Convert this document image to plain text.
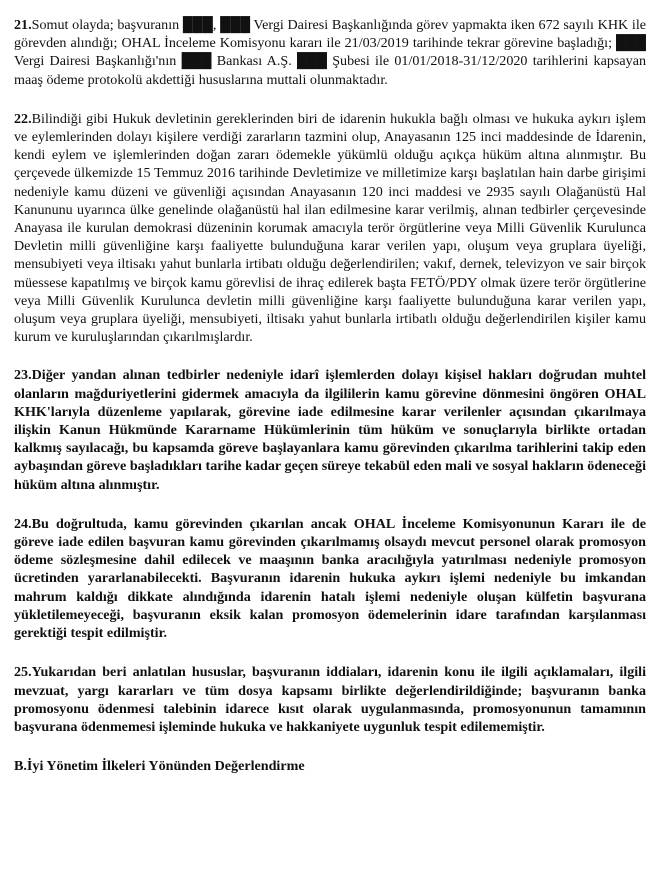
21.Somut olayda; başvuranın ███, ███ Vergi Dairesi Başkanlığında görev yapmakta iken 672 sayılı KHK ile görevden alındığı; OHAL İnceleme Komisyonu kararı ile 21/03/2019 tarihinde tekrar görevine başladığı; ███ Vergi Dairesi Başkanlığı'nın ███ Bankası A.Ş. ███ Şubesi ile 01/01/2018-31/12/2020 tarihlerini kapsayan maaş ödeme protokolü akdettiği hususlarına muttali olunmaktadır.

22.Bilindiği gibi Hukuk devletinin gereklerinden biri de idarenin hukukla bağlı olması ve hukuka aykırı işlem ve eylemlerinden dolayı kişilere verdiği zararların tazmini olup, Anayasanın 125 inci maddesinde de İdarenin, kendi eylem ve işlemlerinden doğan zararı ödemekle yükümlü olduğu açıkça hüküm altına alınmıştır. Bu çerçevede ülkemizde 15 Temmuz 2016 tarihinde Devletimize ve milletimize karşı başlatılan hain darbe girişimi nedeniyle kamu düzeni ve güvenliği açısından Anayasanın 120 inci maddesi ve 2935 sayılı Olağanüstü Hal Kanununu uyarınca ülke genelinde olağanüstü hal ilan edilmesine karar verilmiş, alınan tedbirler çerçevesinde Anayasa ile kurulan demokrasi düzeninin korumak amacıyla terör örgütlerine veya Milli Güvenlik Kurulunca Devletin milli güvenliğine karşı faaliyette bulunduğuna karar verilen yapı, oluşum veya gruplara üyeliği, mensubiyeti veya iltisakı yahut bunlarla irtibatı olduğu değerlendirilen; vakıf, dernek, televizyon ve sair birçok müessese kapatılmış ve birçok kamu görevlisi de ihraç edilerek başta FETÖ/PDY olmak üzere terör örgütlerine veya Milli Güvenlik Kurulunca devletin milli güvenliğine karşı faaliyette bulunduğuna karar verilen yapı, oluşum veya gruplara üyeliği, mensubiyeti, iltisakı yahut bunlarla irtibatlı olduğu değerlendirilen kişiler kamu kurum ve kuruluşlarından çıkarılmışlardır.

23.Diğer yandan alınan tedbirler nedeniyle idarî işlemlerden dolayı kişisel hakları doğrudan muhtel olanların mağduriyetlerini gidermek amacıyla da ilgililerin kamu görevine dönmesini öngören OHAL KHK'larıyla düzenleme yapılarak, görevine iade edilmesine karar verilenler açısından çıkarılmaya ilişkin Kanun Hükmünde Kararname Hükümlerinin tüm hüküm ve sonuçlarıyla birlikte ortadan kalkmış sayılacağı, bu kapsamda göreve başlayanlara kamu görevinden çıkarılma tarihlerini takip eden aybaşından göreve başladıkları tarihe kadar geçen süreye tekabül eden mali ve sosyal hakların ödeneceği hüküm altına alınmıştır.

24.Bu doğrultuda, kamu görevinden çıkarılan ancak OHAL İnceleme Komisyonunun Kararı ile de göreve iade edilen başvuran kamu görevinden çıkarılmamış olsaydı mevcut personel olarak promosyon ödeme sözleşmesine dahil edilecek ve maaşının banka aracılığıyla yatırılması nedeniyle promosyon ücretinden yararlanabilecekti. Başvuranın idarenin hukuka aykırı işlemi nedeniyle bu imkandan mahrum kaldığı dikkate alındığında idarenin hatalı işlemi nedeniyle oluşan külfetin başvurana yükletilemeyeceği, başvuranın eksik kalan promosyon ödemelerinin idare tarafından karşılanması gerektiği tespit edilmiştir.

25.Yukarıdan beri anlatılan hususlar, başvuranın iddiaları, idarenin konu ile ilgili açıklamaları, ilgili mevzuat, yargı kararları ve tüm dosya kapsamı birlikte değerlendirildiğinde; başvuranın banka promosyonu ödenmesi talebinin idarece kısıt olarak uygulanmasında, promosyonunun tamamının başvurana ödenmemesi işleminde hukuka ve hakkaniyete uygunluk tespit edilememiştir.

B.İyi Yönetim İlkeleri Yönünden Değerlendirme
